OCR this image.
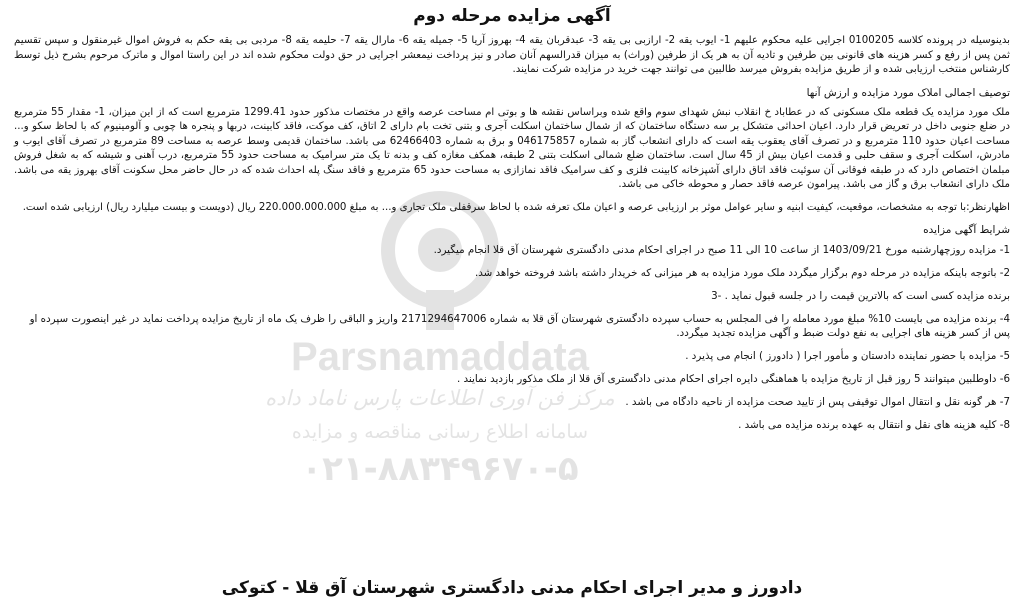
Parsnamaddata
مرکز فن آوری اطلاعات پارس ناماد داده
سامانه اطلاع رسانی مناقصه و مزایده
۰۲۱-۸۸۳۴۹۶۷۰-۵
آگهی مزایده مرحله دوم

بدینوسیله در پرونده کلاسه 0100205 اجرایی علیه محکوم علیهم 1- ایوب یقه 2- ارازبی بی یقه 3- عبدقربان یقه 4- بهروز آریا 5- جمیله یقه 6- مارال یقه 7- حلیمه یقه 8- مردبی بی یقه حکم به فروش اموال غیرمنقول و سپس تقسیم ثمن پس از رفع و کسر هزینه های قانونی بین طرفین و تادیه آن به هر یک از طرفین (وراث) به میزان قدرالسهم آنان صادر و نیز پرداخت نیمعشر اجرایی در حق دولت محکوم شده اند در این راستا اموال و ماترک مرحوم بشرح ذیل توسط کارشناس منتخب ارزیابی شده و از طریق مزایده بفروش میرسد طالبین می توانند جهت خرید در مزایده شرکت نمایند.

توصیف اجمالی املاک مورد مزایده و ارزش آنها

ملک مورد مزایده یک قطعه ملک مسکونی که در عطاباد خ انقلاب نبش شهدای سوم واقع شده وبراساس نقشه ها و بوتی ام مساحت عرصه واقع در مختصات مذکور حدود 1299.41 مترمربع است که از این میزان، 1- مقدار 55 مترمربع در ضلع جنوبی داخل در تعریض قرار دارد. اعیان احداثی متشکل بر سه دستگاه ساختمان که از شمال ساختمان اسکلت آجری و بتنی تخت بام دارای 2 اتاق، کف موکت، فاقد کابینت، دربها و پنجره ها چوبی و آلومینیوم که با لحاظ سکو و... مساحت اعیان حدود 110 مترمربع و در تصرف آقای یعقوب یقه است که دارای انشعاب گاز به شماره 046175857 و برق به شماره 62466403 می باشد. ساختمان قدیمی وسط عرصه به مساحت 89 مترمربع در تصرف آقای ایوب و مادرش، اسکلت آجری و سقف حلبی و قدمت اعیان بیش از 45 سال است. ساختمان ضلع شمالی اسکلت بتنی 2 طبقه، همکف مغازه کف و بدنه تا یک متر سرامیک به مساحت حدود 55 مترمربع، درب آهنی و شیشه که به شغل فروش مبلمان اختصاص دارد که در طبقه فوقانی آن سوئیت فاقد اتاق دارای آشپزخانه کابینت فلزی و کف سرامیک فاقد نمازازی به مساحت حدود 65 مترمربع و فاقد سنگ پله احداث شده که در حال حاضر محل سکونت آقای بهروز یقه می باشد. ملک دارای انشعاب برق و گاز می باشد. پیرامون عرصه فاقد حصار و محوطه خاکی می باشد.

اظهارنظر:با توجه به مشخصات، موقعیت، کیفیت ابنیه و سایر عوامل موثر بر ارزیابی عرصه و اعیان ملک تعرفه شده با لحاظ سرقفلی ملک تجاری و... به مبلغ 220.000.000.000 ریال (دویست و بیست میلیارد ریال) ارزیابی شده است.

شرایط آگهی مزایده

1- مزایده روزچهارشنبه مورخ 1403/09/21 از ساعت 10 الی 11 صبح در اجرای احکام مدنی دادگستری شهرستان آق قلا انجام میگیرد.

2- باتوجه باینکه مزایده در مرحله دوم برگزار میگردد ملک مورد مزایده به هر میزانی که خریدار داشته باشد فروخته خواهد شد.

برنده مزایده کسی است که بالاترین قیمت را در جلسه قبول نماید . -3

4- برنده مزایده می بایست 10% مبلغ مورد معامله را فی المجلس به حساب سپرده دادگستری شهرستان آق قلا به شماره 2171294647006 واریز و الباقی را ظرف یک ماه از تاریخ مزایده پرداخت نماید در غیر اینصورت سپرده او پس از کسر هزینه های اجرایی به نفع دولت ضبط و آگهی مزایده تجدید میگردد.

5- مزایده با حضور نماینده دادستان و مأمور اجرا ( دادورز ) انجام می پذیرد .

6- داوطلبین میتوانند 5 روز قبل از تاریخ مزایده با هماهنگی دایره اجرای احکام مدنی دادگستری آق قلا از ملک مذکور بازدید نمایند .

7- هر گونه نقل و انتقال اموال توقیفی پس از تایید صحت مزایده از ناحیه دادگاه می باشد .

8- کلیه هزینه های نقل و انتقال به عهده برنده مزایده می باشد .

دادورز و مدیر اجرای احکام مدنی دادگستری شهرستان آق قلا - کتوکی
